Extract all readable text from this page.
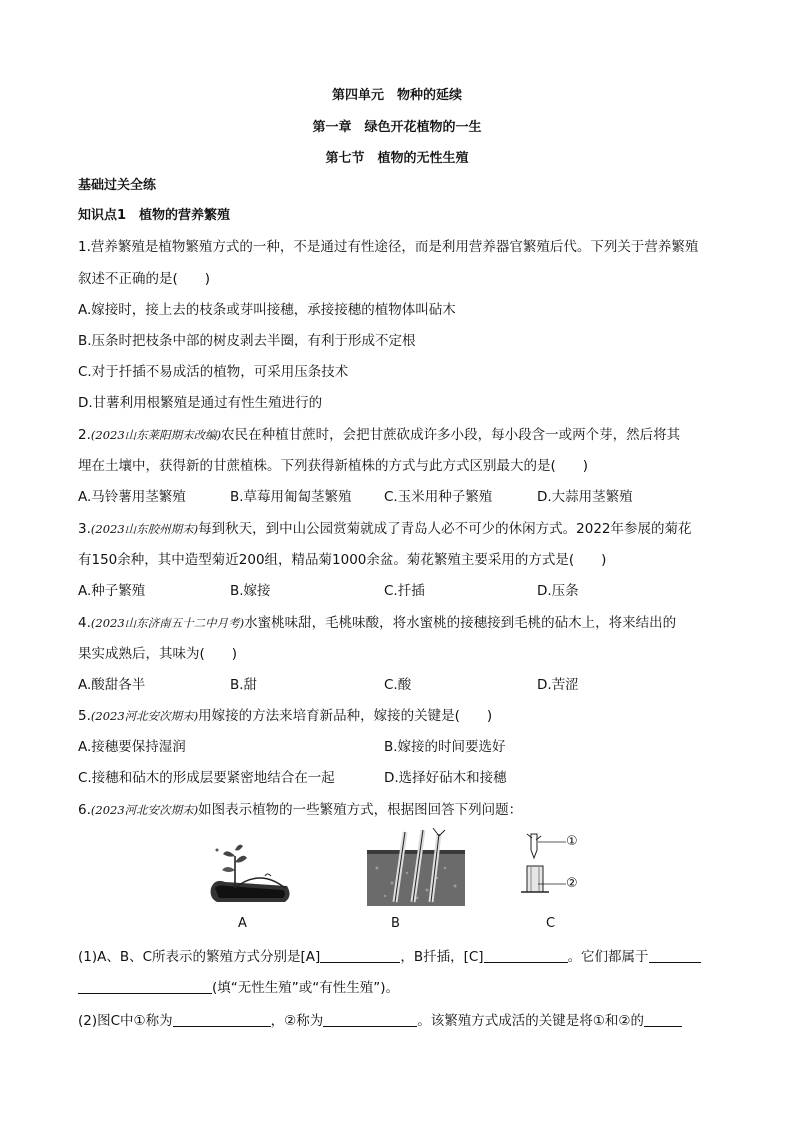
第四单元　物种的延续
第一章　绿色开花植物的一生
第七节　植物的无性生殖
基础过关全练
知识点1　植物的营养繁殖
1.营养繁殖是植物繁殖方式的一种，不是通过有性途径，而是利用营养器官繁殖后代。下列关于营养繁殖
叙述不正确的是(　　)
A.嫁接时，接上去的枝条或芽叫接穗，承接接穗的植物体叫砧木
B.压条时把枝条中部的树皮剥去半圈，有利于形成不定根
C.对于扦插不易成活的植物，可采用压条技术
D.甘薯利用根繁殖是通过有性生殖进行的
2.(2023山东莱阳期末改编)农民在种植甘蔗时，会把甘蔗砍成许多小段，每小段含一或两个芽，然后将其
埋在土壤中，获得新的甘蔗植株。下列获得新植株的方式与此方式区别最大的是(　　)
A.马铃薯用茎繁殖	B.草莓用匍匐茎繁殖 C.玉米用种子繁殖	D.大蒜用茎繁殖
3.(2023山东胶州期末)每到秋天，到中山公园赏菊就成了青岛人必不可少的休闲方式。2022年参展的菊花
有150余种，其中造型菊近200组，精品菊1000余盆。菊花繁殖主要采用的方式是(　　)
A.种子繁殖	B.嫁接	C.扦插	D.压条
4.(2023山东济南五十二中月考)水蜜桃味甜，毛桃味酸，将水蜜桃的接穗接到毛桃的砧木上，将来结出的
果实成熟后，其味为(　　)
A.酸甜各半	B.甜	C.酸	D.苦涩
5.(2023河北安次期末)用嫁接的方法来培育新品种，嫁接的关键是(　　)
A.接穗要保持湿润	B.嫁接的时间要选好
C.接穗和砧木的形成层要紧密地结合在一起	D.选择好砧木和接穗
6.(2023河北安次期末)如图表示植物的一些繁殖方式，根据图回答下列问题：
A	B
①
②
C
(1)A、B、C所表示的繁殖方式分别是[A]	，B扦插，[C]	。它们都属于
(填“无性生殖”或“有性生殖”)。
(2)图C中①称为	，②称为	。该繁殖方式成活的关键是将①和②的
